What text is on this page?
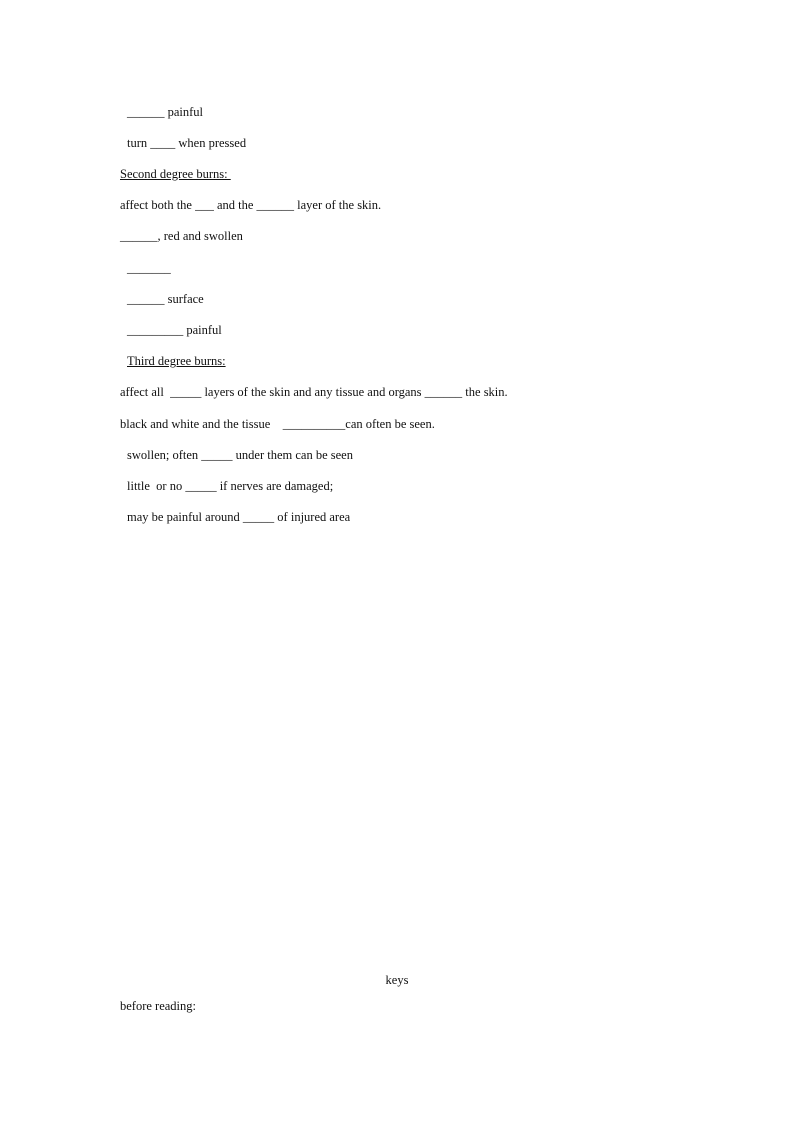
______ painful
turn ____ when pressed
Second degree burns:
affect both the ___ and the ______ layer of the skin.
______, red and swollen
_______
______ surface
_________ painful
Third degree burns:
affect all  _____ layers of the skin and any tissue and organs ______ the skin.
black and white and the tissue    __________can often be seen.
swollen; often _____ under them can be seen
little  or no _____ if nerves are damaged;
may be painful around _____ of injured area
keys
before reading:
